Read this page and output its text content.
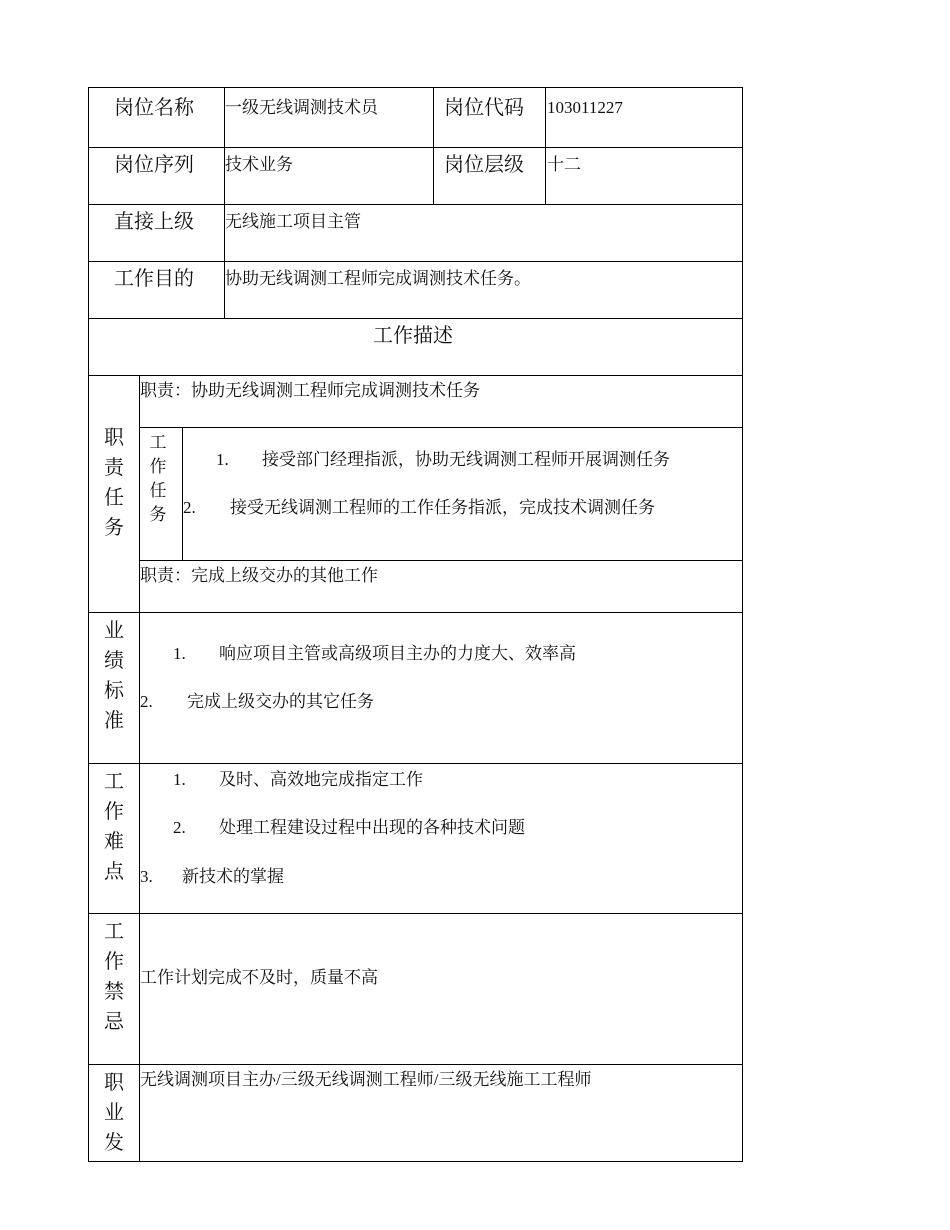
岗位名称 一级无线调测技术员	岗位代码 103011227
岗位序列 技术业务	岗位层级 十二
直接上级 无线施工项目主管
工作目的 协助无线调测工程师完成调测技术任务。
工作描述
职
责
任
务
职责：协助无线调测工程师完成调测技术任务
工
作
任
务
1. 接受部门经理指派，协助无线调测工程师开展调测任务
2. 接受无线调测工程师的工作任务指派，完成技术调测任务
职责：完成上级交办的其他工作
业
绩
标
准
1. 响应项目主管或高级项目主办的力度大、效率高
2. 完成上级交办的其它任务
工
作
难
点
1. 及时、高效地完成指定工作
2. 处理工程建设过程中出现的各种技术问题
3. 新技术的掌握
工
作
禁
忌
工作计划完成不及时，质量不高
职
业
发
无线调测项目主办/三级无线调测工程师/三级无线施工工程师
